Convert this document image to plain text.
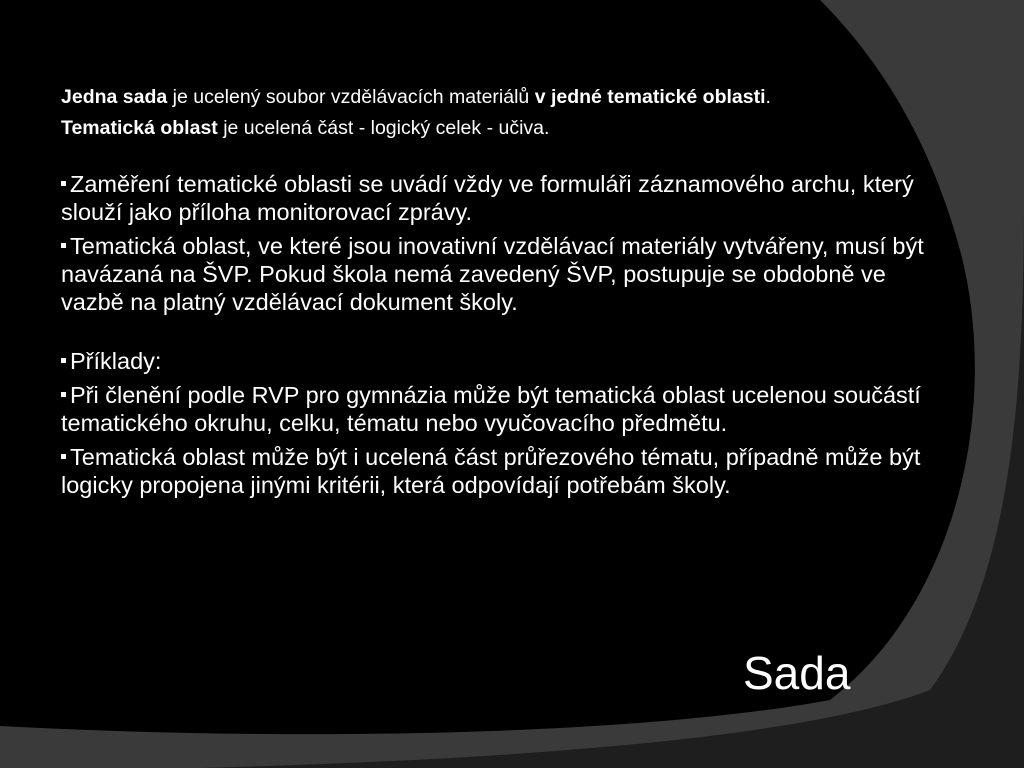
Jedna sada je ucelený soubor vzdělávacích materiálů v jedné tematické oblasti.

Tematická oblast je ucelená část - logický celek - učiva.

Zaměření tematické oblasti se uvádí vždy ve formuláři záznamového archu, který slouží jako příloha monitorovací zprávy.

Tematická oblast, ve které jsou inovativní vzdělávací materiály vytvářeny, musí být navázaná na ŠVP. Pokud škola nemá zavedený ŠVP, postupuje se obdobně ve vazbě na platný vzdělávací dokument školy.

Příklady:

Při členění podle RVP pro gymnázia může být tematická oblast ucelenou součástí tematického okruhu, celku, tématu nebo vyučovacího předmětu.

Tematická oblast může být i ucelená část průřezového tématu, případně může být logicky propojena jinými kritérii, která odpovídají potřebám školy.

Sada
